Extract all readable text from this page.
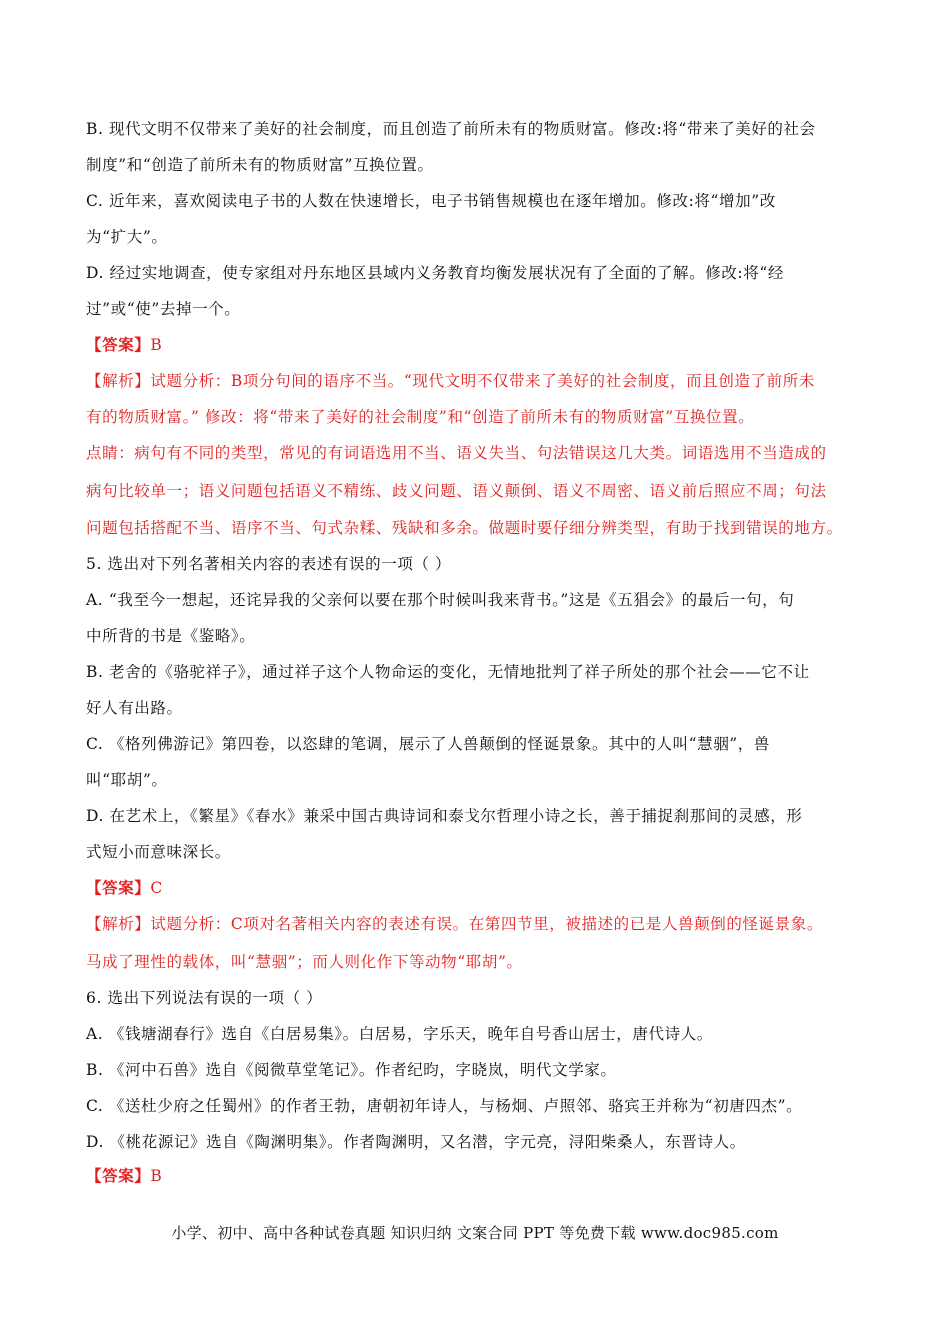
B. 现代文明不仅带来了美好的社会制度，而且创造了前所未有的物质财富。修改:将“带来了美好的社会
制度”和“创造了前所未有的物质财富”互换位置。
C. 近年来，喜欢阅读电子书的人数在快速增长，电子书销售规模也在逐年增加。修改:将“增加”改
为“扩大”。
D. 经过实地调查，使专家组对丹东地区县域内义务教育均衡发展状况有了全面的了解。修改:将“经
过”或“使”去掉一个。
【答案】B
【解析】试题分析：B项分句间的语序不当。“现代文明不仅带来了美好的社会制度，而且创造了前所未
有的物质财富。” 修改：将“带来了美好的社会制度”和“创造了前所未有的物质财富”互换位置。
点睛：病句有不同的类型，常见的有词语选用不当、语义失当、句法错误这几大类。词语选用不当造成的
病句比较单一；语义问题包括语义不精练、歧义问题、语义颠倒、语义不周密、语义前后照应不周；句法
问题包括搭配不当、语序不当、句式杂糅、残缺和多余。做题时要仔细分辨类型，有助于找到错误的地方。
5. 选出对下列名著相关内容的表述有误的一项（ ）
A. “我至今一想起，还诧异我的父亲何以要在那个时候叫我来背书。”这是《五猖会》的最后一句，句
中所背的书是《鉴略》。
B. 老舍的《骆驼祥子》，通过祥子这个人物命运的变化，无情地批判了祥子所处的那个社会——它不让
好人有出路。
C. 《格列佛游记》第四卷，以恣肆的笔调，展示了人兽颠倒的怪诞景象。其中的人叫“慧骃”，兽
叫“耶胡”。
D. 在艺术上，《繁星》《春水》兼采中国古典诗词和泰戈尔哲理小诗之长，善于捕捉刹那间的灵感，形
式短小而意味深长。
【答案】C
【解析】试题分析：C项对名著相关内容的表述有误。在第四节里，被描述的已是人兽颠倒的怪诞景象。
马成了理性的载体，叫“慧骃”；而人则化作下等动物“耶胡”。
6. 选出下列说法有误的一项（ ）
A. 《钱塘湖春行》选自《白居易集》。白居易，字乐天，晚年自号香山居士，唐代诗人。
B. 《河中石兽》选自《阅微草堂笔记》。作者纪昀，字晓岚，明代文学家。
C. 《送杜少府之任蜀州》的作者王勃，唐朝初年诗人，与杨炯、卢照邻、骆宾王并称为“初唐四杰”。
D. 《桃花源记》选自《陶渊明集》。作者陶渊明，又名潜，字元亮，浔阳柴桑人，东晋诗人。
【答案】B
小学、初中、高中各种试卷真题 知识归纳 文案合同 PPT 等免费下载 www.doc985.com
